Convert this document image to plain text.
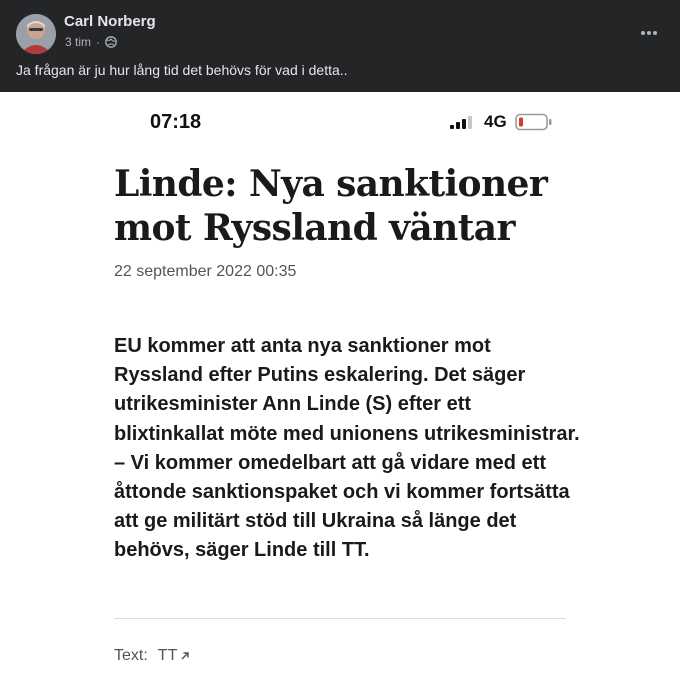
Carl Norberg
3 tim ·
Ja frågan är ju hur lång tid det behövs för vad i detta..
07:18	4G
Linde: Nya sanktioner mot Ryssland väntar
22 september 2022 00:35

EU kommer att anta nya sanktioner mot Ryssland efter Putins eskalering. Det säger utrikesminister Ann Linde (S) efter ett blixtinkallat möte med unionens utrikesministrar.

– Vi kommer omedelbart att gå vidare med ett åttonde sanktionspaket och vi kommer fortsätta att ge militärt stöd till Ukraina så länge det behövs, säger Linde till TT.

Text: TT
